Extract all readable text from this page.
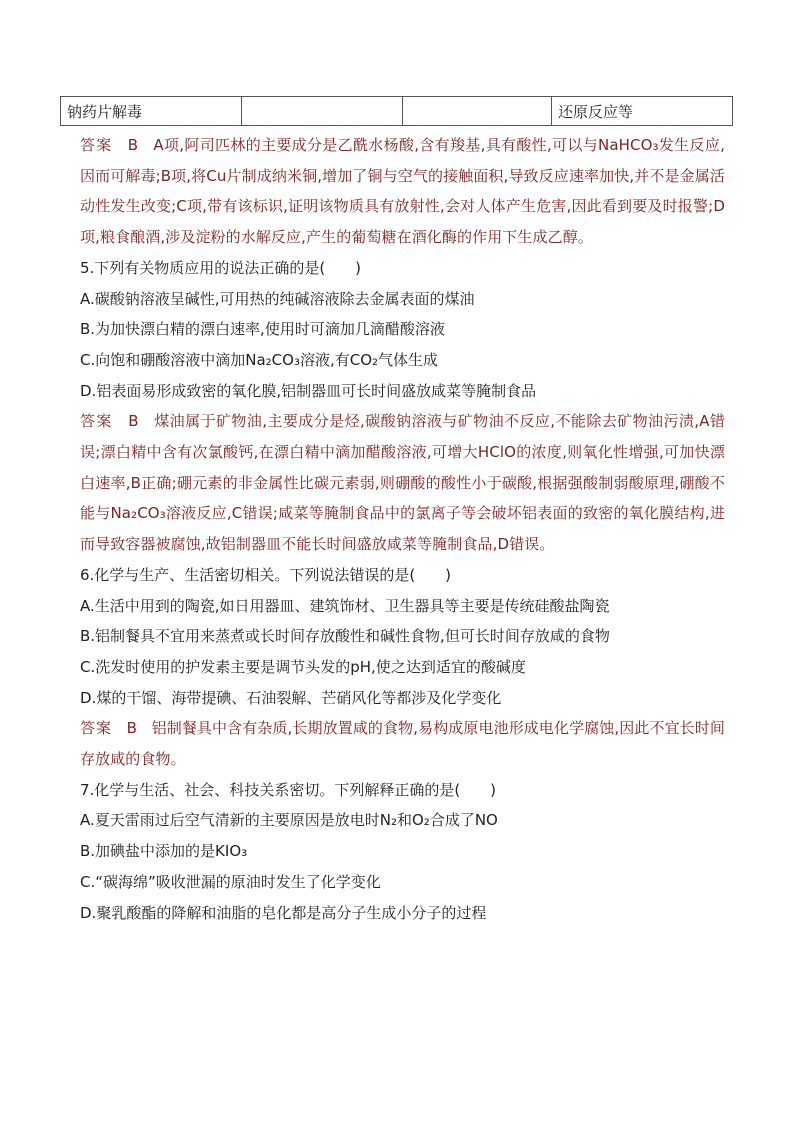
钠药片解毒			还原反应等

答案 B A项,阿司匹林的主要成分是乙酰水杨酸,含有羧基,具有酸性,可以与NaHCO₃发生反应,因而可解毒;B项,将Cu片制成纳米铜,增加了铜与空气的接触面积,导致反应速率加快,并不是金属活动性发生改变;C项,带有该标识,证明该物质具有放射性,会对人体产生危害,因此看到要及时报警;D项,粮食酿酒,涉及淀粉的水解反应,产生的葡萄糖在酒化酶的作用下生成乙醇。

5.下列有关物质应用的说法正确的是(　　)

A.碳酸钠溶液呈碱性,可用热的纯碱溶液除去金属表面的煤油

B.为加快漂白精的漂白速率,使用时可滴加几滴醋酸溶液

C.向饱和硼酸溶液中滴加Na₂CO₃溶液,有CO₂气体生成

D.铝表面易形成致密的氧化膜,铝制器皿可长时间盛放咸菜等腌制食品

答案 B 煤油属于矿物油,主要成分是烃,碳酸钠溶液与矿物油不反应,不能除去矿物油污渍,A错误;漂白精中含有次氯酸钙,在漂白精中滴加醋酸溶液,可增大HClO的浓度,则氧化性增强,可加快漂白速率,B正确;硼元素的非金属性比碳元素弱,则硼酸的酸性小于碳酸,根据强酸制弱酸原理,硼酸不能与Na₂CO₃溶液反应,C错误;咸菜等腌制食品中的氯离子等会破坏铝表面的致密的氧化膜结构,进而导致容器被腐蚀,故铝制器皿不能长时间盛放咸菜等腌制食品,D错误。

6.化学与生产、生活密切相关。下列说法错误的是(　　)

A.生活中用到的陶瓷,如日用器皿、建筑饰材、卫生器具等主要是传统硅酸盐陶瓷

B.铝制餐具不宜用来蒸煮或长时间存放酸性和碱性食物,但可长时间存放咸的食物

C.洗发时使用的护发素主要是调节头发的pH,使之达到适宜的酸碱度

D.煤的干馏、海带提碘、石油裂解、芒硝风化等都涉及化学变化

答案 B 铝制餐具中含有杂质,长期放置咸的食物,易构成原电池形成电化学腐蚀,因此不宜长时间存放咸的食物。

7.化学与生活、社会、科技关系密切。下列解释正确的是(　　)

A.夏天雷雨过后空气清新的主要原因是放电时N₂和O₂合成了NO

B.加碘盐中添加的是KIO₃

C.“碳海绵”吸收泄漏的原油时发生了化学变化

D.聚乳酸酯的降解和油脂的皂化都是高分子生成小分子的过程
